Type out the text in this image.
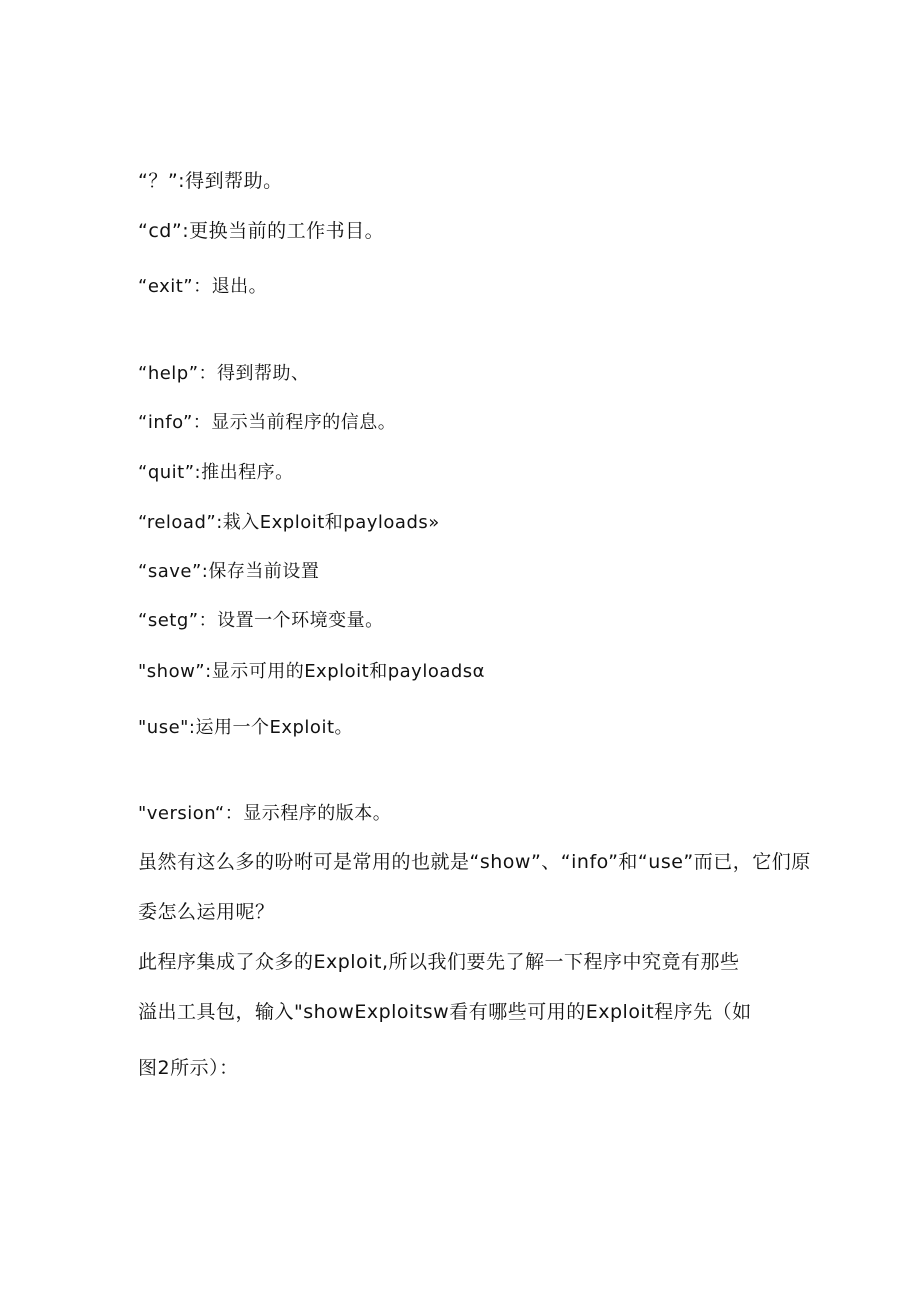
“？”:得到帮助。
“cd”:更换当前的工作书目。
“exit”：退出。
“help”：得到帮助、
“info”：显示当前程序的信息。
“quit”:推出程序。
“reload”:栽入Exploit和payloads»
“save”:保存当前设置
“setg”：设置一个环境变量。
"show”:显示可用的Exploit和payloadsα
"use":运用一个Exploit。
"version“：显示程序的版本。
虽然有这么多的吩咐可是常用的也就是“show”、“info”和“use”而已，它们原
委怎么运用呢？
此程序集成了众多的Exploit,所以我们要先了解一下程序中究竟有那些
溢出工具包，输入"showExploitsw看有哪些可用的Exploit程序先（如
图2所示）：
